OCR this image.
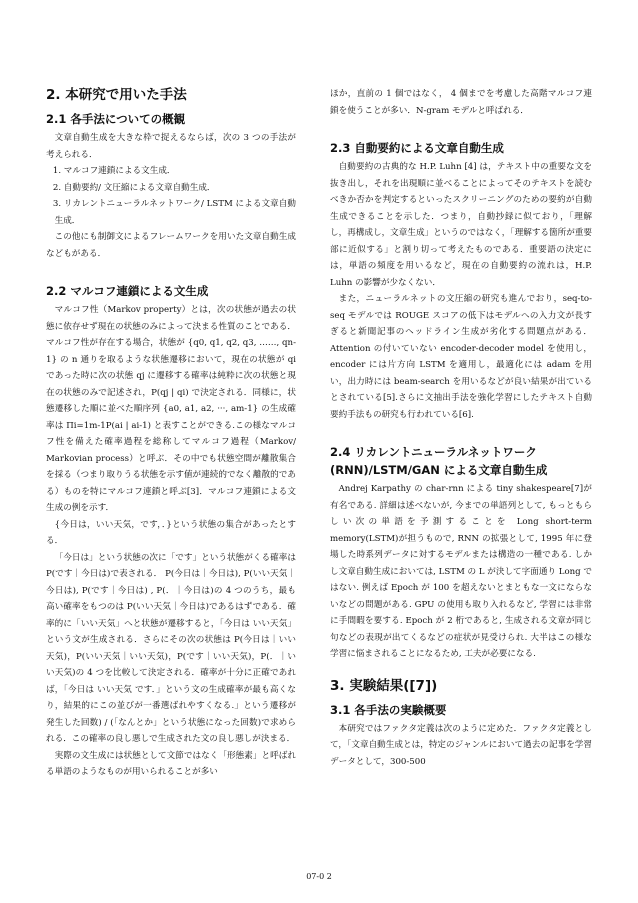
2. 本研究で用いた手法
2.1 各手法についての概観

文章自動生成を大きな枠で捉えるならば，次の 3 つの手法が考えられる．

1. マルコフ連鎖による文生成．

2. 自動要約/ 文圧縮による文章自動生成．

3. リカレントニューラルネットワーク/ LSTM による文章自動生成．

この他にも制御文によるフレームワークを用いた文章自動生成などもがある．

2.2 マルコフ連鎖による文生成

マルコフ性（Markov property）とは，次の状態が過去の状態に依存せず現在の状態のみによって決まる性質のことである．マルコフ性が存在する場合，状態が {q0, q1, q2, q3, ……, qn-1} の n 通りを取るような状態遷移において，現在の状態が qi であった時に次の状態 qj に遷移する確率は純粋に次の状態と現在の状態のみで記述され，P(qj | qi) で決定される．同様に，状態遷移した順に並べた順序列 {a0, a1, a2, ···, am-1} の生成確率は Πi=1m-1P(ai | ai-1) と表すことができる.この様なマルコフ性を備えた確率過程を総称してマルコフ過程（Markov/ Markovian process）と呼ぶ．その中でも状態空間が離散集合を採る（つまり取りうる状態を示す値が連続的でなく離散的である）ものを特にマルコフ連鎖と呼ぶ[3]．マルコフ連鎖による文生成の例を示す．

{今日は，いい天気，です，．}という状態の集合があったとする．

「今日は」という状態の次に「です」という状態がくる確率は P(です｜今日は)で表される． P(今日は｜今日は), P(いい天気｜今日は), P(です｜今日は) , P(．｜今日は)の 4 つのうち，最も高い確率をもつのは P(いい天気｜今日は)であるはずである．確率的に「いい天気」へと状態が遷移すると，「今日は いい天気」という文が生成される．さらにその次の状態は P(今日は｜いい天気)，P(いい天気｜いい天気)，P(です｜いい天気)，P(．｜いい天気)の 4 つを比較して決定される．確率が十分に正確であれば，「今日は いい天気 です．」という文の生成確率が最も高くなり，結果的にこの並びが一番選ばれやすくなる.」という遷移が発生した回数) / (「なんとか」という状態になった回数)で求められる．この確率の良し悪しで生成された文の良し悪しが決まる．

実際の文生成には状態として文節ではなく「形態素」と呼ばれる単語のようなものが用いられることが多い

ほか，直前の 1 個ではなく， 4 個までを考慮した高階マルコフ連鎖を使うことが多い．N-gram モデルと呼ばれる．

2.3 自動要約による文章自動生成

自動要約の古典的な H.P. Luhn [4] は，テキスト中の重要な文を抜き出し，それを出現順に並べることによってそのテキストを読むべきか否かを判定するといったスクリーニングのための要約が自動生成できることを示した．つまり，自動抄録に似ており，「理解し，再構成し，文章生成」というのではなく，「理解する箇所が重要部に近似する」と割り切って考えたものである．重要語の決定には，単語の頻度を用いるなど，現在の自動要約の流れは，H.P. Luhn の影響が少なくない．

また，ニューラルネットの文圧縮の研究も進んでおり，seq-to-seq モデルでは ROUGE スコアの低下はモデルへの入力文が長すぎると新聞記事のヘッドライン生成が劣化する問題点がある．Attention の付いていない encoder-decoder model を使用し，encoder には片方向 LSTM を適用し，最適化には adam を用い，出力時には beam-search を用いるなどが良い結果が出ているとされている[5].さらに文抽出手法を強化学習にしたテキスト自動要約手法もの研究も行われている[6].

2.4 リカレントニューラルネットワーク
(RNN)/LSTM/GAN による文章自動生成

Andrej Karpathy の char-rnn による tiny shakespeare[7]が有名である. 詳細は述べないが, 今までの単語列として, もっともらしい次の単語を予測することを Long short-term memory(LSTM)が担うもので, RNN の拡張として, 1995 年に登場した時系列データに対するモデルまたは構造の一種である. しかし文章自動生成においては, LSTM の L が決して字面通り Long ではない. 例えば Epoch が 100 を超えないとまともな一文にならないなどの問題がある. GPU の使用も取り入れるなど, 学習には非常に手間暇を要する. Epoch が 2 桁であると, 生成される文章が同じ句などの表現が出てくるなどの症状が見受けられ. 大半はこの様な学習に悩まされることになるため, 工夫が必要になる.

3. 実験結果([7])
3.1 各手法の実験概要

本研究ではファクタ定義は次のように定めた．ファクタ定義として，「文章自動生成とは，特定のジャンルにおいて過去の記事を学習データとして，300-500

07-0 2
